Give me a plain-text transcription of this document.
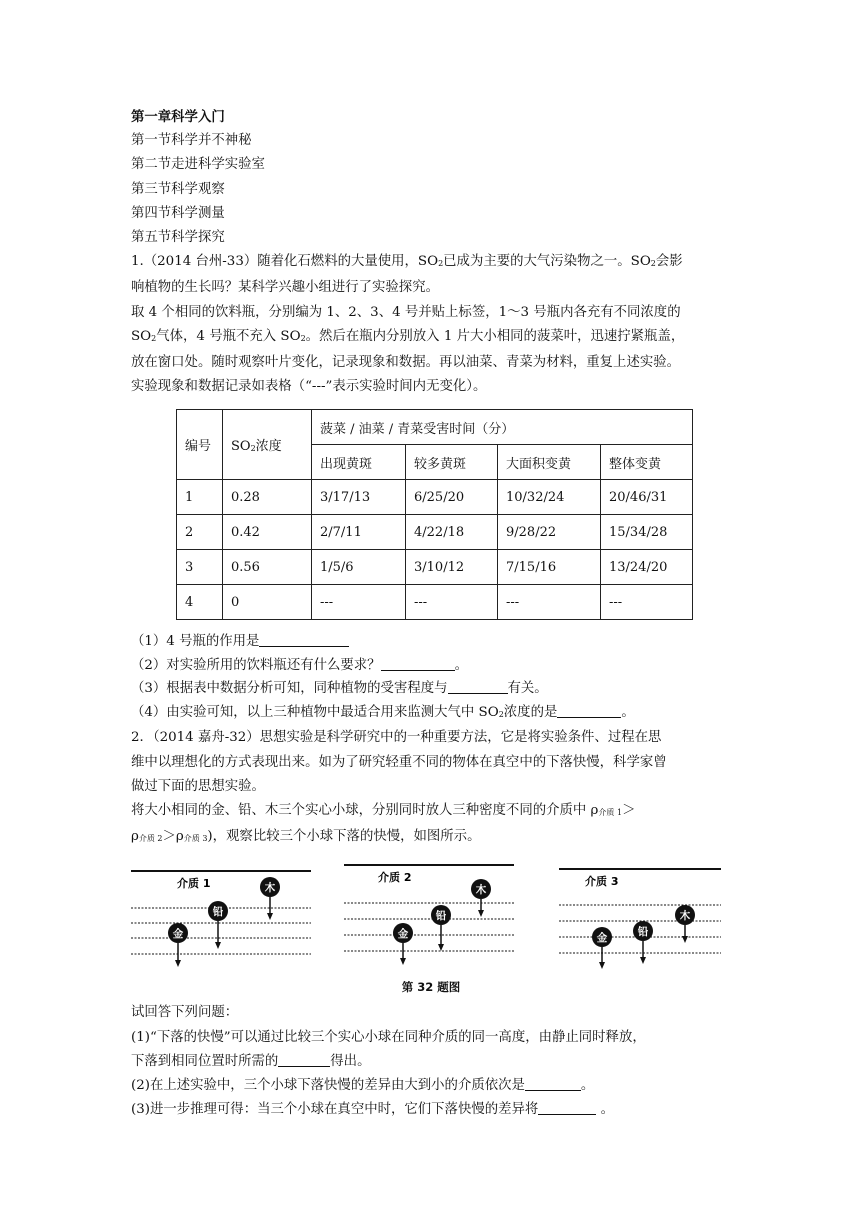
第一章科学入门
第一节科学并不神秘
第二节走进科学实验室
第三节科学观察
第四节科学测量
第五节科学探究
1.（2014 台州-33）随着化石燃料的大量使用，$SO_2$已成为主要的大气污染物之一。$SO_2$会影
响植物的生长吗？某科学兴趣小组进行了实验探究。
取 4 个相同的饮料瓶，分别编为 1、2、3、4 号并贴上标签，1～3 号瓶内各充有不同浓度的
$SO_2$气体，4 号瓶不充入 $SO_2$。然后在瓶内分别放入 1 片大小相同的菠菜叶，迅速拧紧瓶盖，
放在窗口处。随时观察叶片变化，记录现象和数据。再以油菜、青菜为材料，重复上述实验。
实验现象和数据记录如表格（“---”表示实验时间内无变化）。
编号	$SO_2$浓度	菠菜 / 油菜 / 青菜受害时间（分）			
		出现黄斑	较多黄斑	大面积变黄	整体变黄
1	0.28	3/17/13	6/25/20	10/32/24	20/46/31
2	0.42	2/7/11	4/22/18	9/28/22	15/34/28
3	0.56	1/5/6	3/10/12	7/15/16	13/24/20
4	0	---	---	---	---
（1）4 号瓶的作用是
（2）对实验所用的饮料瓶还有什么要求？	。
（3）根据表中数据分析可知，同种植物的受害程度与	有关。
（4）由实验可知，以上三种植物中最适合用来监测大气中 $SO_2$浓度的是	。
2．（2014 嘉舟-32）思想实验是科学研究中的一种重要方法，它是将实验条件、过程在思
维中以理想化的方式表现出来。如为了研究轻重不同的物体在真空中的下落快慢，科学家曾
做过下面的思想实验。
将大小相同的金、铅、木三个实心小球，分别同时放人三种密度不同的介质中 $\rho_{介质 1}>$
$\rho_{介质 2}>\rho_{介质 3}$)，观察比较三个小球下落的快慢，如图所示。
介质 1	木
铅
金
介质 2
木
铅
金
介质 3
木
铅
金
第 32 题图
试回答下列问题：
(1)“下落的快慢”可以通过比较三个实心小球在同种介质的同一高度，由静止同时释放，
下落到相同位置时所需的	得出。
(2)在上述实验中，三个小球下落快慢的差异由大到小的介质依次是	。
(3)进一步推理可得：当三个小球在真空中时，它们下落快慢的差异将	。
